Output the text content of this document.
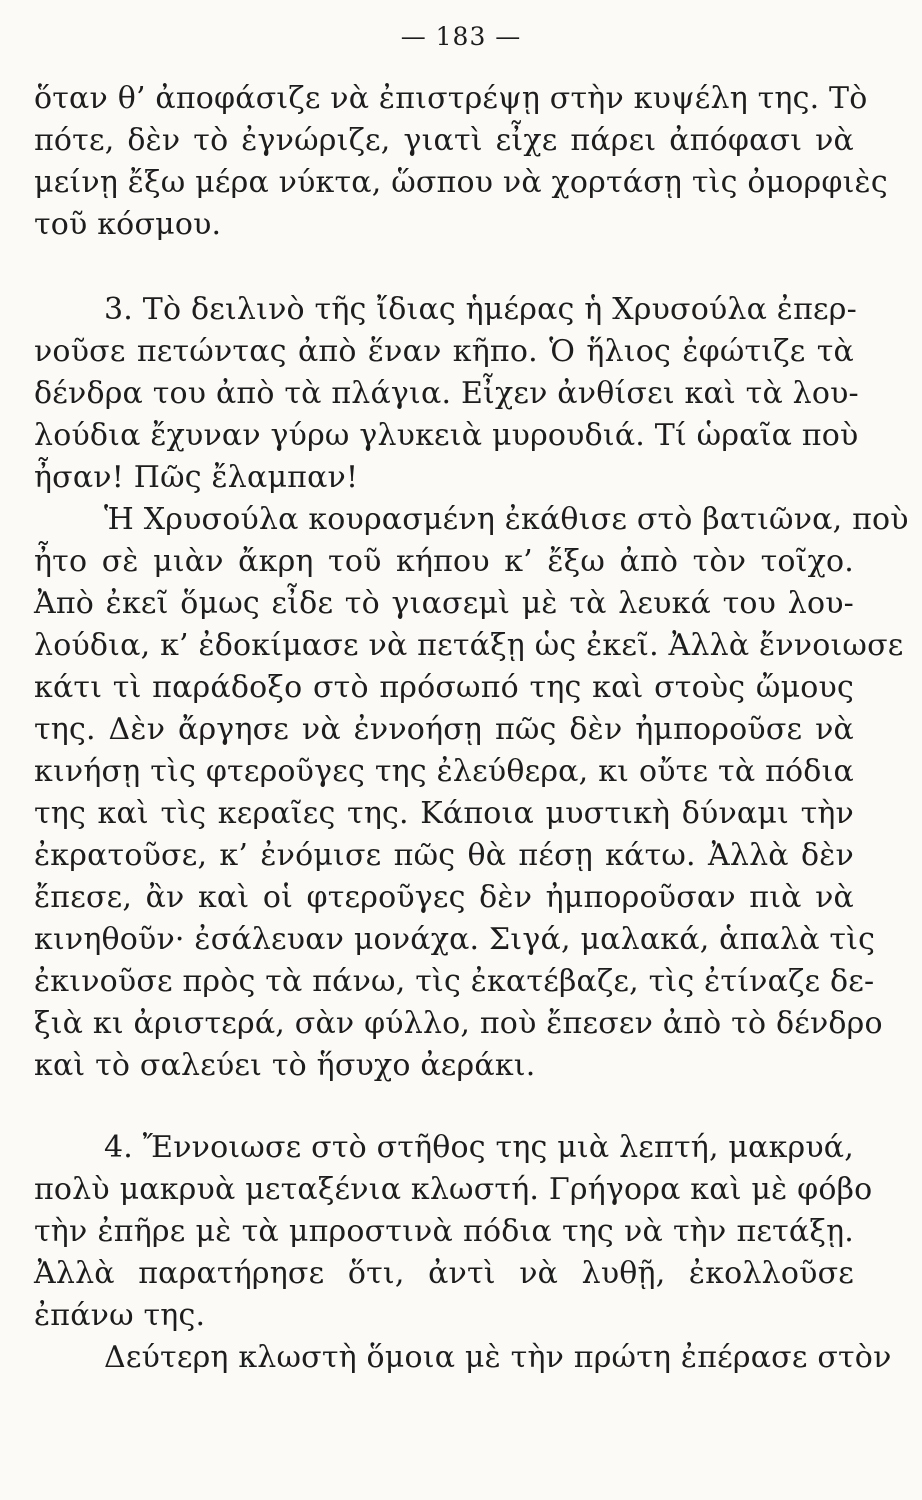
— 183 —
ὅταν θ’ ἀποφάσιζε νὰ ἐπιστρέψῃ στὴν κυψέλη της. Τὸ
πότε, δὲν τὸ ἐγνώριζε, γιατὶ εἶχε πάρει ἀπόφασι νὰ
μείνῃ ἔξω μέρα νύκτα, ὥσπου νὰ χορτάσῃ τὶς ὀμορφιὲς
τοῦ κόσμου.
3. Τὸ δειλινὸ τῆς ἴδιας ἡμέρας ἡ Χρυσούλα ἐπερ-
νοῦσε πετώντας ἀπὸ ἕναν κῆπο. Ὁ ἥλιος ἐφώτιζε τὰ
δένδρα του ἀπὸ τὰ πλάγια. Εἶχεν ἀνθίσει καὶ τὰ λου-
λούδια ἔχυναν γύρω γλυκειὰ μυρουδιά. Τί ὡραῖα ποὺ
ἦσαν! Πῶς ἔλαμπαν!
Ἡ Χρυσούλα κουρασμένη ἐκάθισε στὸ βατιῶνα, ποὺ
ἦτο σὲ μιὰν ἄκρη τοῦ κήπου κ’ ἔξω ἀπὸ τὸν τοῖχο.
Ἀπὸ ἐκεῖ ὅμως εἶδε τὸ γιασεμὶ μὲ τὰ λευκά του λου-
λούδια, κ’ ἐδοκίμασε νὰ πετάξῃ ὡς ἐκεῖ. Ἀλλὰ ἔννοιωσε
κάτι τὶ παράδοξο στὸ πρόσωπό της καὶ στοὺς ὤμους
της. Δὲν ἄργησε νὰ ἐννοήσῃ πῶς δὲν ἠμποροῦσε νὰ
κινήσῃ τὶς φτεροῦγες της ἐλεύθερα, κι οὔτε τὰ πόδια
της καὶ τὶς κεραῖες της. Κάποια μυστικὴ δύναμι τὴν
ἐκρατοῦσε, κ’ ἐνόμισε πῶς θὰ πέσῃ κάτω. Ἀλλὰ δὲν
ἔπεσε, ἂν καὶ οἱ φτεροῦγες δὲν ἠμποροῦσαν πιὰ νὰ
κινηθοῦν· ἐσάλευαν μονάχα. Σιγά, μαλακά, ἁπαλὰ τὶς
ἐκινοῦσε πρὸς τὰ πάνω, τὶς ἐκατέβαζε, τὶς ἐτίναζε δε-
ξιὰ κι ἀριστερά, σὰν φύλλο, ποὺ ἔπεσεν ἀπὸ τὸ δένδρο
καὶ τὸ σαλεύει τὸ ἥσυχο ἀεράκι.
4. Ἔννοιωσε στὸ στῆθος της μιὰ λεπτή, μακρυά,
πολὺ μακρυὰ μεταξένια κλωστή. Γρήγορα καὶ μὲ φόβο
τὴν ἐπῆρε μὲ τὰ μπροστινὰ πόδια της νὰ τὴν πετάξῃ.
Ἀλλὰ παρατήρησε ὅτι, ἀντὶ νὰ λυθῇ, ἐκολλοῦσε
ἐπάνω της.
Δεύτερη κλωστὴ ὅμοια μὲ τὴν πρώτη ἐπέρασε στὸν
